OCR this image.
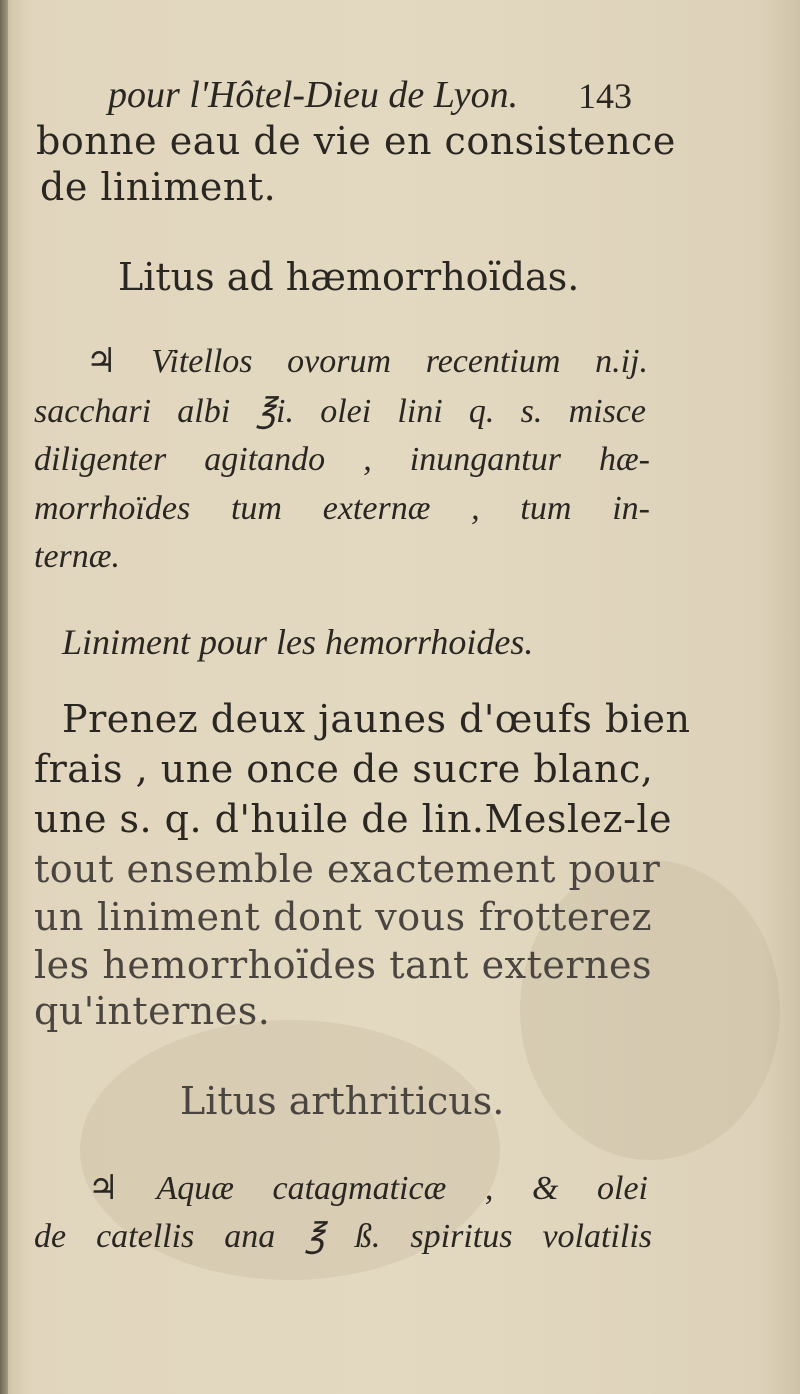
pour l'Hôtel-Dieu de Lyon. 143
bonne eau de vie en consistence
de liniment.
Litus ad hæmorrhoïdas.
♃ Vitellos ovorum recentium n.ij.
sacchari albi ℥i. olei lini q. s. misce
diligenter agitando , inungantur hæ-
morrhoïdes tum externæ , tum in-
ternæ.
Liniment pour les hemorrhoides.
Prenez deux jaunes d'œufs bien
frais , une once de sucre blanc,
une s. q. d'huile de lin.Meslez-le
tout ensemble exactement pour
un liniment dont vous frotterez
les hemorrhoïdes tant externes
qu'internes.
Litus arthriticus.
♃ Aquæ catagmaticæ , & olei
de catellis ana ℥ ß. spiritus volatilis
